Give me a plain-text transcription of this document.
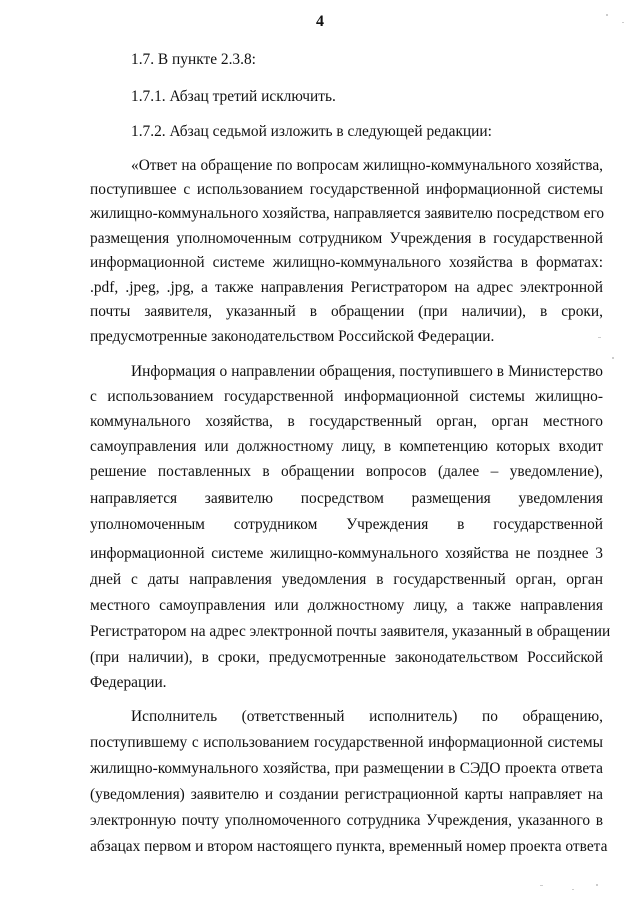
4
1.7. В пункте 2.3.8:
1.7.1. Абзац третий исключить.
1.7.2. Абзац седьмой изложить в следующей редакции:
«Ответ на обращение по вопросам жилищно-коммунального хозяйства,
поступившее с использованием государственной информационной системы
жилищно-коммунального хозяйства, направляется заявителю посредством его
размещения уполномоченным сотрудником Учреждения в государственной
информационной системе жилищно-коммунального хозяйства в форматах:
.pdf, .jpeg, .jpg, а также направления Регистратором на адрес электронной
почты заявителя, указанный в обращении (при наличии), в сроки,
предусмотренные законодательством Российской Федерации.
Информация о направлении обращения, поступившего в Министерство
с использованием государственной информационной системы жилищно-
коммунального хозяйства, в государственный орган, орган местного
самоуправления или должностному лицу, в компетенцию которых входит
решение поставленных в обращении вопросов (далее – уведомление),
направляется заявителю посредством размещения уведомления
уполномоченным сотрудником Учреждения в государственной
информационной системе жилищно-коммунального хозяйства не позднее 3
дней с даты направления уведомления в государственный орган, орган
местного самоуправления или должностному лицу, а также направления
Регистратором на адрес электронной почты заявителя, указанный в обращении
(при наличии), в сроки, предусмотренные законодательством Российской
Федерации.
Исполнитель (ответственный исполнитель) по обращению,
поступившему с использованием государственной информационной системы
жилищно-коммунального хозяйства, при размещении в СЭДО проекта ответа
(уведомления) заявителю и создании регистрационной карты направляет на
электронную почту уполномоченного сотрудника Учреждения, указанного в
абзацах первом и втором настоящего пункта, временный номер проекта ответа
